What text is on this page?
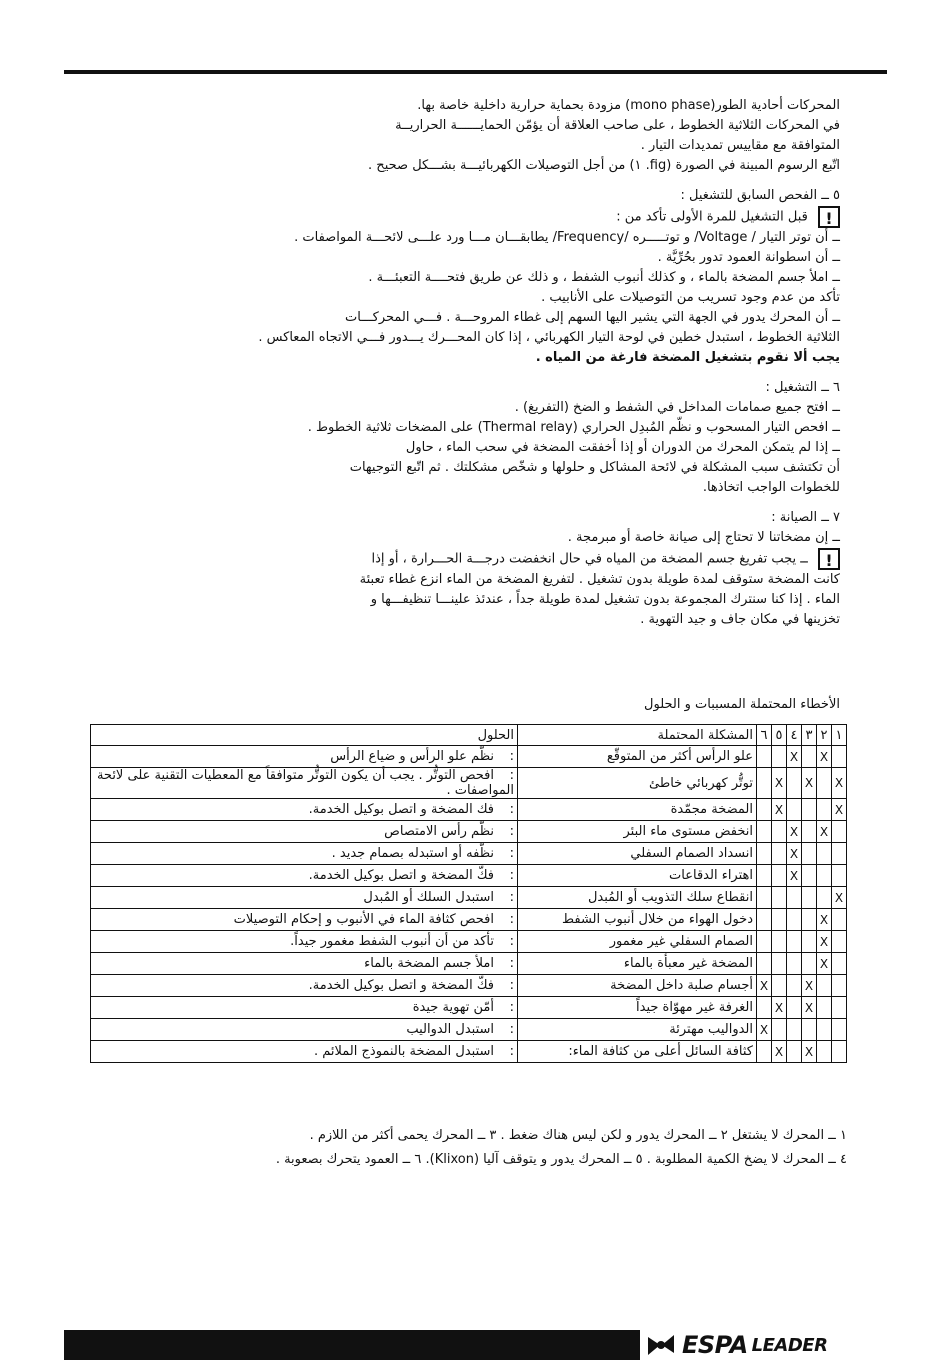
المحركات أحادية الطور(mono phase) مزودة بحماية حرارية داخلية خاصة بها.

في المحركات الثلاثية الخطوط ، على صاحب العلاقة أن يؤمّن الحمايــــــة الحراريــة

المتوافقة مع مقاييس تمديدات التيار .

اتّبع الرسوم المبينة في الصورة (fig. ١) من أجل التوصيلات الكهربائيـــة بشـــكل صحيح .

٥ ــ الفحص السابق للتشغيل :

! قبل التشغيل للمرة الأولى تأكد من :

ــ أن توتر التيار / Voltage/ و توتـــــره /Frequency/ يطابقـــان مـــا ورد علـــى لائحـــة المواصفات .

ــ أن اسطوانة العمود تدور بحُرِّيَّة .

ــ املأ جسم المضخة بالماء ، و كذلك أنبوب الشفط ، و ذلك عن طريق فتحــــة التعبئـــة .

تأكد من عدم وجود تسريب من التوصيلات على الأنابيب .

ــ أن المحرك يدور في الجهة التي يشير اليها السهم إلى غطاء المروحـــة . فـــي المحركـــات

الثلاثية الخطوط ، استبدل خطين في لوحة التيار الكهربائي ، إذا كان المحـــرك يـــدور فـــي الاتجاه المعاكس .

يجب ألا نقوم بتشغيل المضخة فارغة من المياه .

٦ ــ التشغيل :

ــ افتح جميع صمامات المداخل في الشفط و الضخ (التفريغ) .

ــ افحص التيار المسحوب و نظّم المُبدِل الحراري (Thermal relay) على المضخات ثلاثية الخطوط .

ــ إذا لم يتمكن المحرك من الدوران أو إذا أخفقت المضخة في سحب الماء ، حاول

أن تكتشف سبب المشكلة في لائحة المشاكل و حلولها و شخّص مشكلتك . ثم اتّبع التوجيهات

للخطوات الواجب اتخاذها.

٧ ــ الصيانة :

ــ إن مضخاتنا لا تحتاج إلى صيانة خاصة أو مبرمجة .

! ــ يجب تفريغ جسم المضخة من المياه في حال انخفضت درجـــة الحـــرارة ، أو إذا

كانت المضخة ستوقف لمدة طويلة بدون تشغيل . لتفريغ المضخة من الماء انزع غطاء تعبئة

الماء . إذا كنا سنترك المجموعة بدون تشغيل لمدة طويلة جداً ، عندئذ علينـــا تنظيفـــها و

تخزينها في مكان جاف و جيد التهوية .

الأخطاء المحتملة المسببات و الحلول
١	٢	٣	٤	٥	٦	المشكلة المحتملة	الحلول
	X		X			علو الرأس أكثر من المتوقّع	:نظّم علو الرأس و ضياع الرأس
X		X		X		توتُّر كهربائي خاطئ	:افحص التوتُّر . يجب أن يكون التوتُّر متوافقاً مع المعطيات التقنية على لائحة المواصفات .
X				X		المضخة مجمّدة	:فك المضخة و اتصل بوكيل الخدمة.
	X		X			انخفض مستوى ماء البئر	:نظّم رأس الامتصاص
			X			انسداد الصمام السفلي	:نظّفه أو استبدله بصمام جديد .
			X			اهتراء الدقاعات	:فكّ المضخة و اتصل بوكيل الخدمة.
X						انقطاع سلك التذويب أو المُبدل	:استبدل السلك أو المُبدل
	X					دخول الهواء من خلال أنبوب الشفط	:افحص كثافة الماء في الأنبوب و إحكام التوصيلات
	X					الصمام السفلي غير مغمور	:تأكد من أن أنبوب الشفط مغمور جيداً.
	X					المضخة غير معبأة بالماء	:املأ جسم المضخة بالماء
		X			X	أجسام صلبة داخل المضخة	:فكّ المضخة و اتصل بوكيل الخدمة.
		X		X		الغرفة غير مهوّاة جيداً	:أمّن تهوية جيدة
					X	الدواليب مهترئة	:استبدل الدواليب
		X		X		كثافة السائل أعلى من كثافة الماء:	:استبدل المضخة بالنموذج الملائم .
١ ــ المحرك لا يشتغل ٢ ــ المحرك يدور و لكن ليس هناك ضغط . ٣ ــ المحرك يحمى أكثر من اللازم .
٤ ــ المحرك لا يضخ الكمية المطلوبة . ٥ ــ المحرك يدور و يتوقف آليا (Klixon). ٦ ــ العمود يتحرك بصعوبة .
ESPA LEADER
